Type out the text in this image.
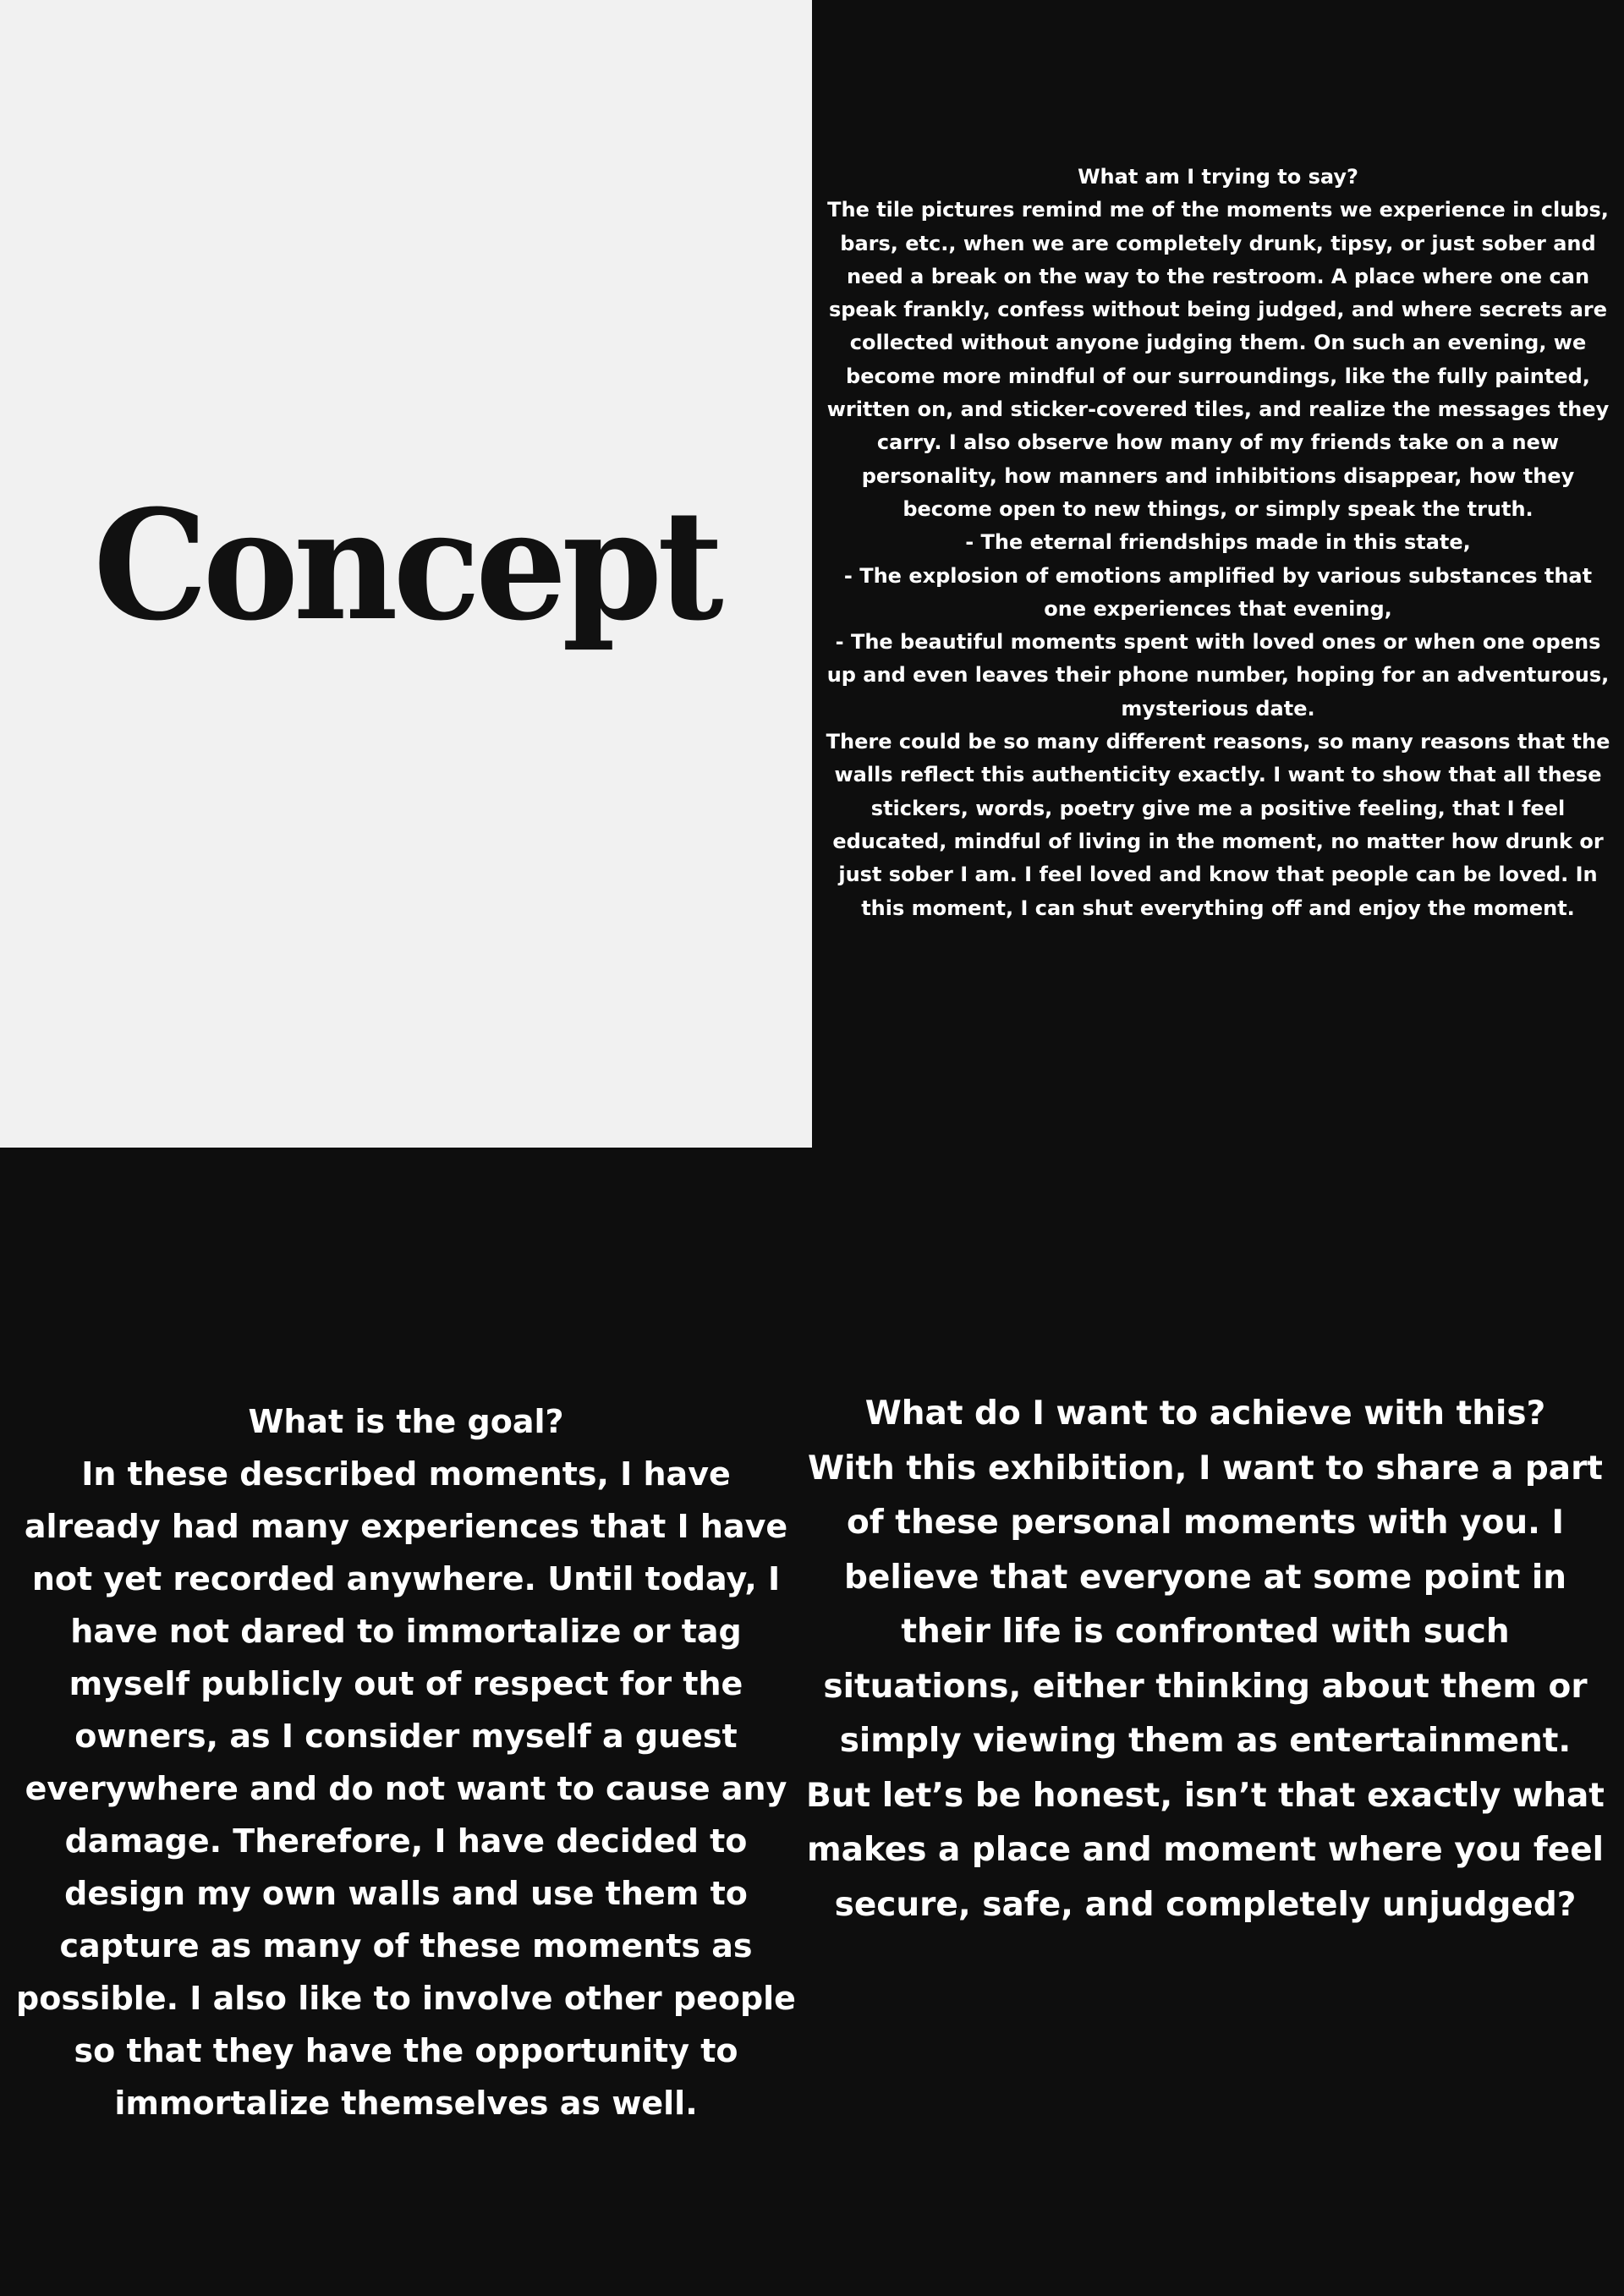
Concept

What am I trying to say?

The tile pictures remind me of the moments we experience in clubs, bars, etc., when we are completely drunk, tipsy, or just sober and need a break on the way to the restroom. A place where one can speak frankly, confess without being judged, and where secrets are collected without anyone judging them. On such an evening, we become more mindful of our surroundings, like the fully painted, written on, and sticker-covered tiles, and realize the messages they carry. I also observe how many of my friends take on a new personality, how manners and inhibitions disappear, how they become open to new things, or simply speak the truth.

- The eternal friendships made in this state,

- The explosion of emotions amplified by various substances that one experiences that evening,

- The beautiful moments spent with loved ones or when one opens up and even leaves their phone number, hoping for an adventurous, mysterious date.

There could be so many different reasons, so many reasons that the walls reflect this authenticity exactly. I want to show that all these stickers, words, poetry give me a positive feeling, that I feel educated, mindful of living in the moment, no matter how drunk or just sober I am. I feel loved and know that people can be loved. In this moment, I can shut everything off and enjoy the moment.

What is the goal?

In these described moments, I have already had many experiences that I have not yet recorded anywhere. Until today, I have not dared to immortalize or tag myself publicly out of respect for the owners, as I consider myself a guest everywhere and do not want to cause any damage. Therefore, I have decided to design my own walls and use them to capture as many of these moments as possible. I also like to involve other people so that they have the opportunity to immortalize themselves as well.

What do I want to achieve with this?

With this exhibition, I want to share a part of these personal moments with you. I believe that everyone at some point in their life is confronted with such situations, either thinking about them or simply viewing them as entertainment. But let’s be honest, isn’t that exactly what makes a place and moment where you feel secure, safe, and completely unjudged?
